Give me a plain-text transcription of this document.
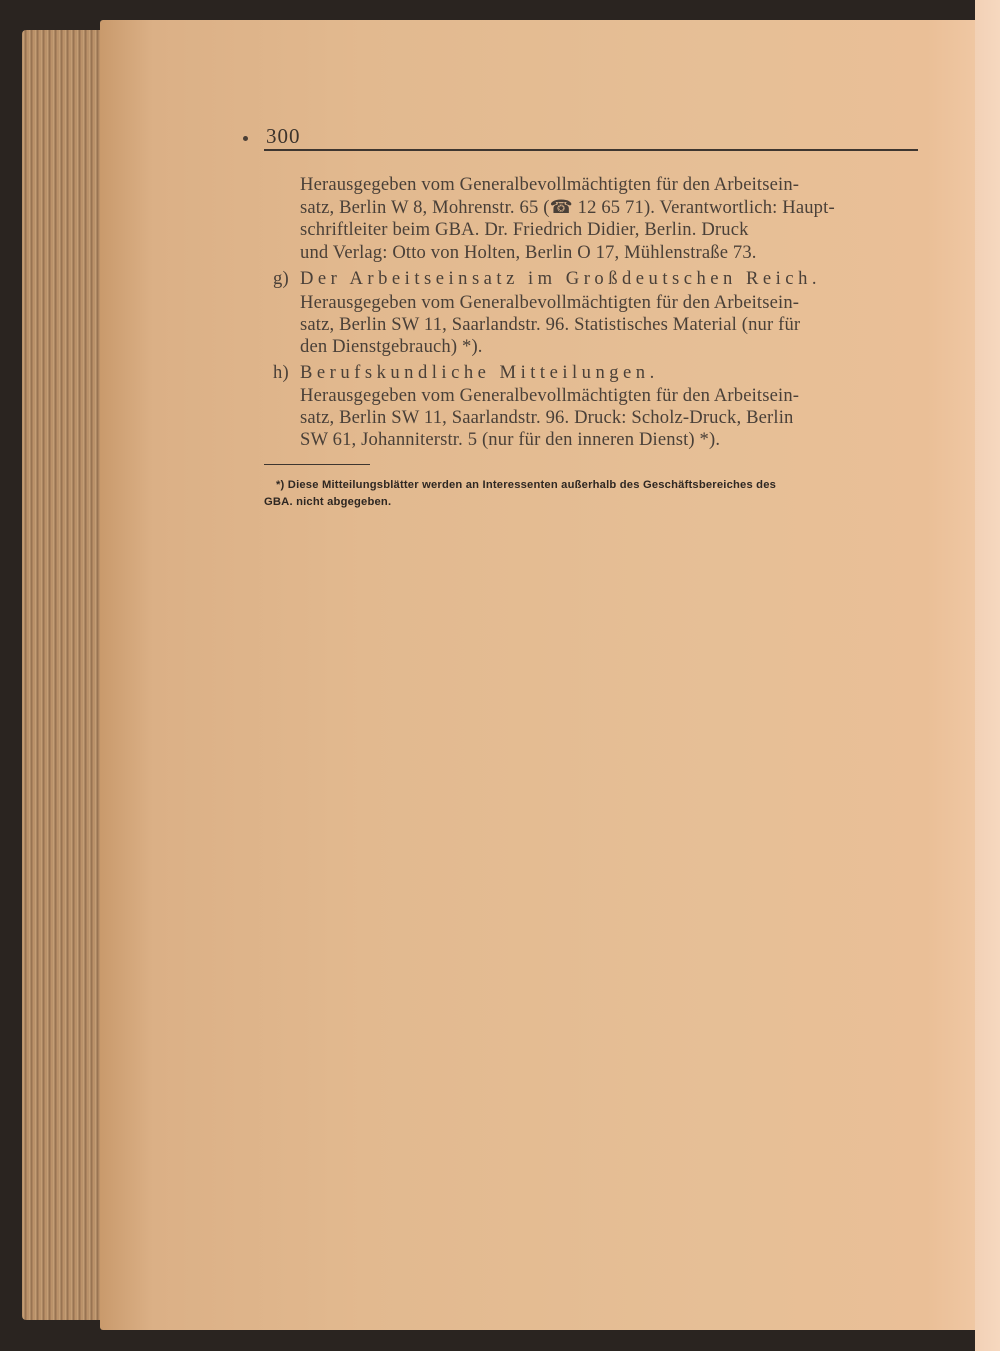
300
Herausgegeben vom Generalbevollmächtigten für den Arbeitsein-
satz, Berlin W 8, Mohrenstr. 65 (☎ 12 65 71). Verantwortlich: Haupt-
schriftleiter beim GBA. Dr. Friedrich Didier, Berlin. Druck
und Verlag: Otto von Holten, Berlin O 17, Mühlenstraße 73.
g) Der Arbeitseinsatz im Großdeutschen Reich.
Herausgegeben vom Generalbevollmächtigten für den Arbeitsein-
satz, Berlin SW 11, Saarlandstr. 96. Statistisches Material (nur für
den Dienstgebrauch) *).
h) Berufskundliche Mitteilungen.
Herausgegeben vom Generalbevollmächtigten für den Arbeitsein-
satz, Berlin SW 11, Saarlandstr. 96. Druck: Scholz-Druck, Berlin
SW 61, Johanniterstr. 5 (nur für den inneren Dienst) *).
*) Diese Mitteilungsblätter werden an Interessenten außerhalb des Geschäftsbereiches des
GBA. nicht abgegeben.
